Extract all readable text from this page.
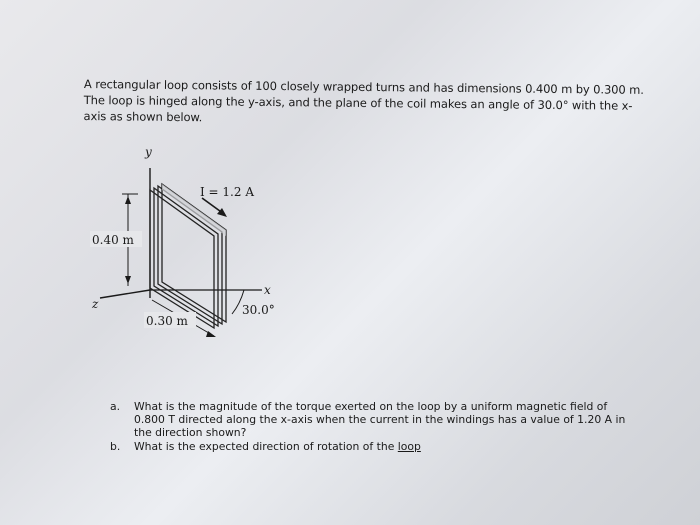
A rectangular loop consists of 100 closely wrapped turns and has dimensions 0.400 m by 0.300 m. The loop is hinged along the y-axis, and the plane of the coil makes an angle of 30.0° with the x-axis as shown below.
y
z
x
I = 1.2 A
0.40 m
0.30 m
30.0°
a.	What is the magnitude of the torque exerted on the loop by a uniform magnetic field of 0.800 T directed along the x-axis when the current in the windings has a value of 1.20 A in the direction shown?
b.	What is the expected direction of rotation of the loop
